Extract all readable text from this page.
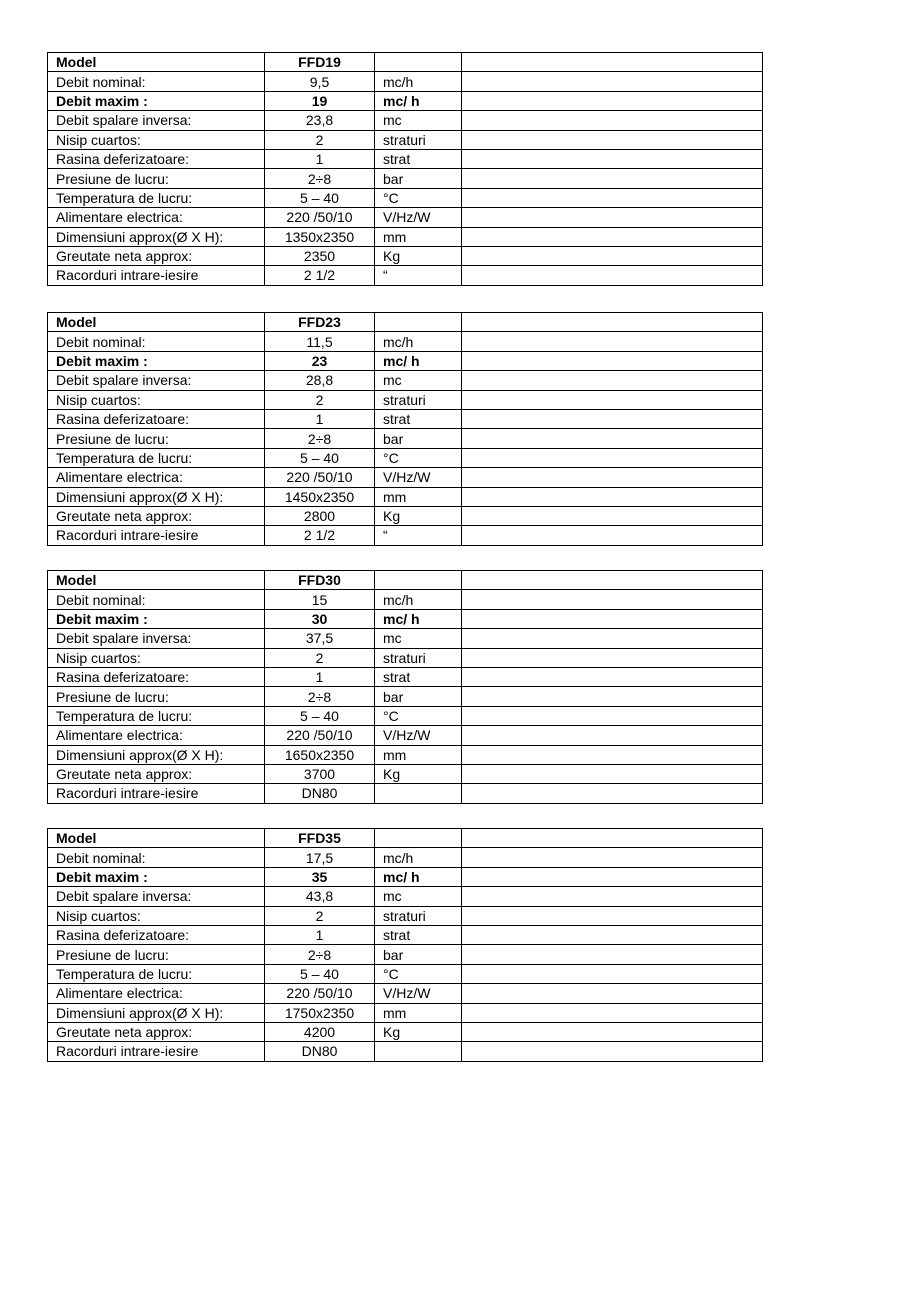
Model	FFD19		
Debit nominal:	9,5	mc/h	
Debit maxim :	19	mc/ h	
Debit spalare inversa:	23,8	mc	
Nisip cuartos:	2	straturi	
Rasina deferizatoare:	1	strat	
Presiune de lucru:	2÷8	bar	
Temperatura de lucru:	5 – 40	°C	
Alimentare electrica:	220 /50/10	V/Hz/W	
Dimensiuni approx(Ø X H):	1350x2350	mm	
Greutate neta approx:	2350	Kg	
Racorduri intrare-iesire	2 1/2	“	
Model	FFD23		
Debit nominal:	11,5	mc/h	
Debit maxim :	23	mc/ h	
Debit spalare inversa:	28,8	mc	
Nisip cuartos:	2	straturi	
Rasina deferizatoare:	1	strat	
Presiune de lucru:	2÷8	bar	
Temperatura de lucru:	5 – 40	°C	
Alimentare electrica:	220 /50/10	V/Hz/W	
Dimensiuni approx(Ø X H):	1450x2350	mm	
Greutate neta approx:	2800	Kg	
Racorduri intrare-iesire	2 1/2	“	
Model	FFD30		
Debit nominal:	15	mc/h	
Debit maxim :	30	mc/ h	
Debit spalare inversa:	37,5	mc	
Nisip cuartos:	2	straturi	
Rasina deferizatoare:	1	strat	
Presiune de lucru:	2÷8	bar	
Temperatura de lucru:	5 – 40	°C	
Alimentare electrica:	220 /50/10	V/Hz/W	
Dimensiuni approx(Ø X H):	1650x2350	mm	
Greutate neta approx:	3700	Kg	
Racorduri intrare-iesire	DN80		
Model	FFD35		
Debit nominal:	17,5	mc/h	
Debit maxim :	35	mc/ h	
Debit spalare inversa:	43,8	mc	
Nisip cuartos:	2	straturi	
Rasina deferizatoare:	1	strat	
Presiune de lucru:	2÷8	bar	
Temperatura de lucru:	5 – 40	°C	
Alimentare electrica:	220 /50/10	V/Hz/W	
Dimensiuni approx(Ø X H):	1750x2350	mm	
Greutate neta approx:	4200	Kg	
Racorduri intrare-iesire	DN80		
